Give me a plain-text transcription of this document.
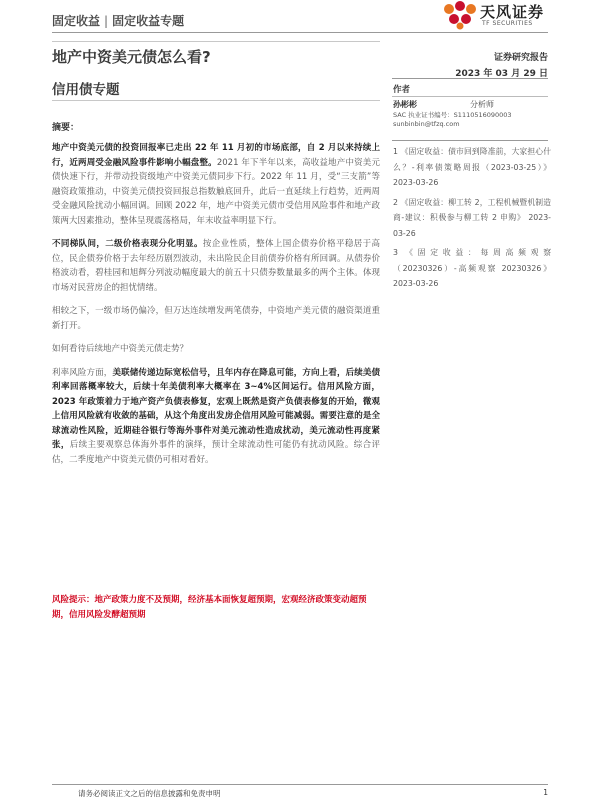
固定收益 | 固定收益专题	天风证券
TF SECURITIES
地产中资美元债怎么看?
信用债专题
证券研究报告
2023 年 03 月 29 日
作者
孙彬彬	分析师
SAC 执业证书编号：S1110516090003
sunbinbin@tfzq.com
1 《固定收益：债市回到降准前，大家担心什么？-利率债策略周报（2023-03-25）》 2023-03-26
2 《固定收益：柳工转 2，工程机械暨机制造商-建议：积极参与柳工转 2 申购》 2023-03-26
3 《固定收益：每周高频观察（20230326）-高频观察 20230326》 2023-03-26
摘要：

地产中资美元债的投资回报率已走出 22 年 11 月初的市场底部，自 2 月以来持续上行，近两周受金融风险事件影响小幅盘整。2021 年下半年以来，高收益地产中资美元债快速下行，并带动投资级地产中资美元债同步下行。2022 年 11 月，受“三支箭”等融资政策推动，中资美元债投资回报总指数触底回升，此后一直延续上行趋势，近两周受金融风险扰动小幅回调。回顾 2022 年，地产中资美元债市受信用风险事件和地产政策两大因素推动，整体呈现震荡格局，年末收益率明显下行。

不同梯队间，二级价格表现分化明显。按企业性质，整体上国企债券价格平稳居于高位，民企债券价格于去年经历剧烈波动，未出险民企目前债券价格有所回调。从债券价格波动看，碧桂园和旭辉分列波动幅度最大的前五十只债券数量最多的两个主体。体现市场对民营房企的担忧情绪。

相较之下，一级市场仍偏冷，但万达连续增发两笔债券，中资地产美元债的融资渠道重新打开。

如何看待后续地产中资美元债走势？

利率风险方面，美联储传递边际宽松信号，且年内存在降息可能，方向上看，后续美债利率回落概率较大，后续十年美债利率大概率在 3~4%区间运行。信用风险方面，2023 年政策着力于地产资产负债表修复，宏观上既然是资产负债表修复的开始，微观上信用风险就有收敛的基础，从这个角度出发房企信用风险可能减弱。需要注意的是全球流动性风险，近期硅谷银行等海外事件对美元流动性造成扰动，美元流动性再度紧张，后续主要观察总体海外事件的演绎，预计全球流动性可能仍有扰动风险。综合评估，二季度地产中资美元债仍可相对看好。

风险提示：地产政策力度不及预期，经济基本面恢复超预期，宏观经济政策变动超预期，信用风险发酵超预期
请务必阅读正文之后的信息披露和免责申明	1
